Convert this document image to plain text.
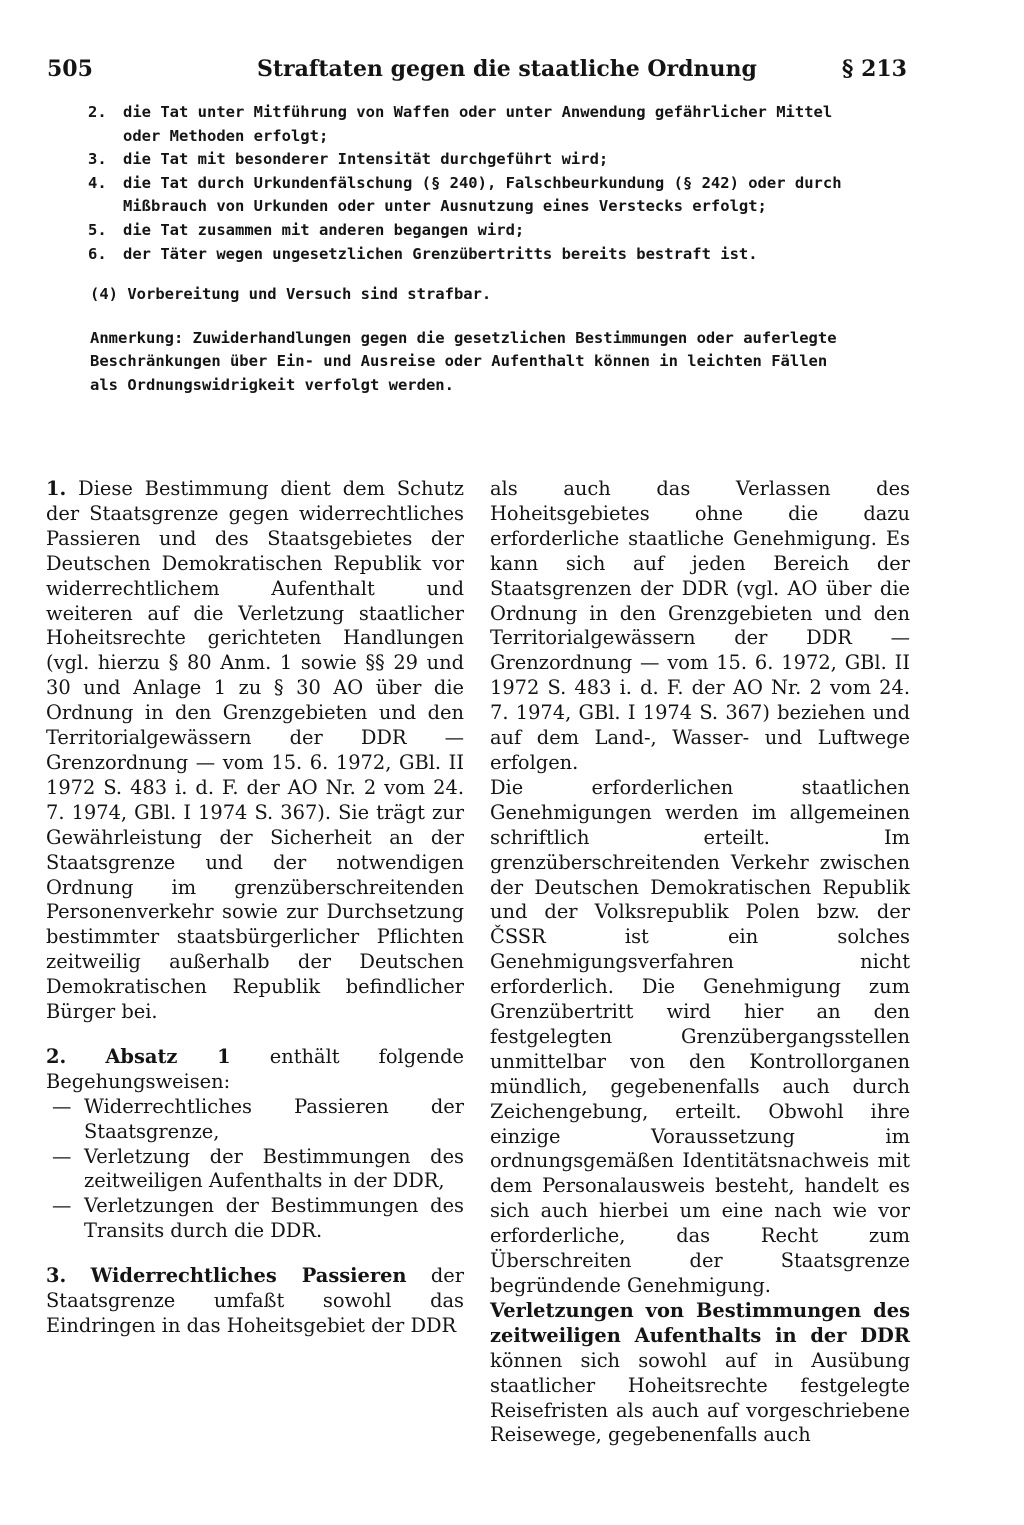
505	Straftaten gegen die staatliche Ordnung	§ 213
2. die Tat unter Mitführung von Waffen oder unter Anwendung gefährlicher Mittel oder Methoden erfolgt;
3. die Tat mit besonderer Intensität durchgeführt wird;
4. die Tat durch Urkundenfälschung (§ 240), Falschbeurkundung (§ 242) oder durch Mißbrauch von Urkunden oder unter Ausnutzung eines Verstecks erfolgt;
5. die Tat zusammen mit anderen begangen wird;
6. der Täter wegen ungesetzlichen Grenzübertritts bereits bestraft ist.
(4) Vorbereitung und Versuch sind strafbar.
Anmerkung: Zuwiderhandlungen gegen die gesetzlichen Bestimmungen oder auferlegte Beschränkungen über Ein- und Ausreise oder Aufenthalt können in leichten Fällen als Ordnungswidrigkeit verfolgt werden.

1. Diese Bestimmung dient dem Schutz der Staatsgrenze gegen widerrechtliches Passieren und des Staatsgebietes der Deutschen Demokratischen Republik vor widerrechtlichem Aufenthalt und weiteren auf die Verletzung staatlicher Hoheitsrechte gerichteten Handlungen (vgl. hierzu § 80 Anm. 1 sowie §§ 29 und 30 und Anlage 1 zu § 30 AO über die Ordnung in den Grenzgebieten und den Territorialgewässern der DDR — Grenzordnung — vom 15. 6. 1972, GBl. II 1972 S. 483 i. d. F. der AO Nr. 2 vom 24. 7. 1974, GBl. I 1974 S. 367). Sie trägt zur Gewährleistung der Sicherheit an der Staatsgrenze und der notwendigen Ordnung im grenzüberschreitenden Personenverkehr sowie zur Durchsetzung bestimmter staatsbürgerlicher Pflichten zeitweilig außerhalb der Deutschen Demokratischen Republik befindlicher Bürger bei.

2. Absatz 1 enthält folgende Begehungsweisen:

— Widerrechtliches Passieren der Staatsgrenze,

— Verletzung der Bestimmungen des zeitweiligen Aufenthalts in der DDR,

— Verletzungen der Bestimmungen des Transits durch die DDR.

3. Widerrechtliches Passieren der Staatsgrenze umfaßt sowohl das Eindringen in das Hoheitsgebiet der DDR

als auch das Verlassen des Hoheitsgebietes ohne die dazu erforderliche staatliche Genehmigung. Es kann sich auf jeden Bereich der Staatsgrenzen der DDR (vgl. AO über die Ordnung in den Grenzgebieten und den Territorialgewässern der DDR — Grenzordnung — vom 15. 6. 1972, GBl. II 1972 S. 483 i. d. F. der AO Nr. 2 vom 24. 7. 1974, GBl. I 1974 S. 367) beziehen und auf dem Land-, Wasser- und Luftwege erfolgen.

Die erforderlichen staatlichen Genehmigungen werden im allgemeinen schriftlich erteilt. Im grenzüberschreitenden Verkehr zwischen der Deutschen Demokratischen Republik und der Volksrepublik Polen bzw. der ČSSR ist ein solches Genehmigungsverfahren nicht erforderlich. Die Genehmigung zum Grenzübertritt wird hier an den festgelegten Grenzübergangsstellen unmittelbar von den Kontrollorganen mündlich, gegebenenfalls auch durch Zeichengebung, erteilt. Obwohl ihre einzige Voraussetzung im ordnungsgemäßen Identitätsnachweis mit dem Personalausweis besteht, handelt es sich auch hierbei um eine nach wie vor erforderliche, das Recht zum Überschreiten der Staatsgrenze begründende Genehmigung.

Verletzungen von Bestimmungen des zeitweiligen Aufenthalts in der DDR können sich sowohl auf in Ausübung staatlicher Hoheitsrechte festgelegte Reisefristen als auch auf vorgeschriebene Reisewege, gegebenenfalls auch
